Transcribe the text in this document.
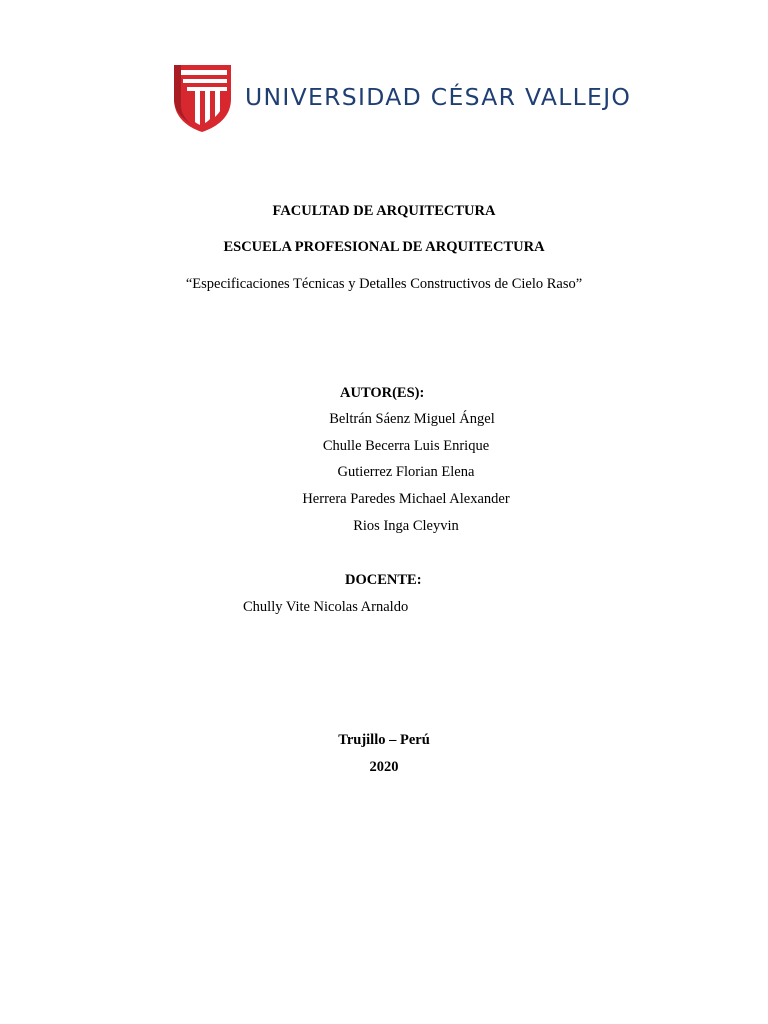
UNIVERSIDAD CÉSAR VALLEJO
FACULTAD DE ARQUITECTURA
ESCUELA PROFESIONAL DE ARQUITECTURA
“Especificaciones Técnicas y Detalles Constructivos de Cielo Raso”
AUTOR(ES):
Beltrán Sáenz Miguel Ángel
Chulle Becerra Luis Enrique
Gutierrez Florian Elena
Herrera Paredes Michael Alexander
Rios Inga Cleyvin
DOCENTE:
Chully Vite Nicolas Arnaldo
Trujillo – Perú
2020
